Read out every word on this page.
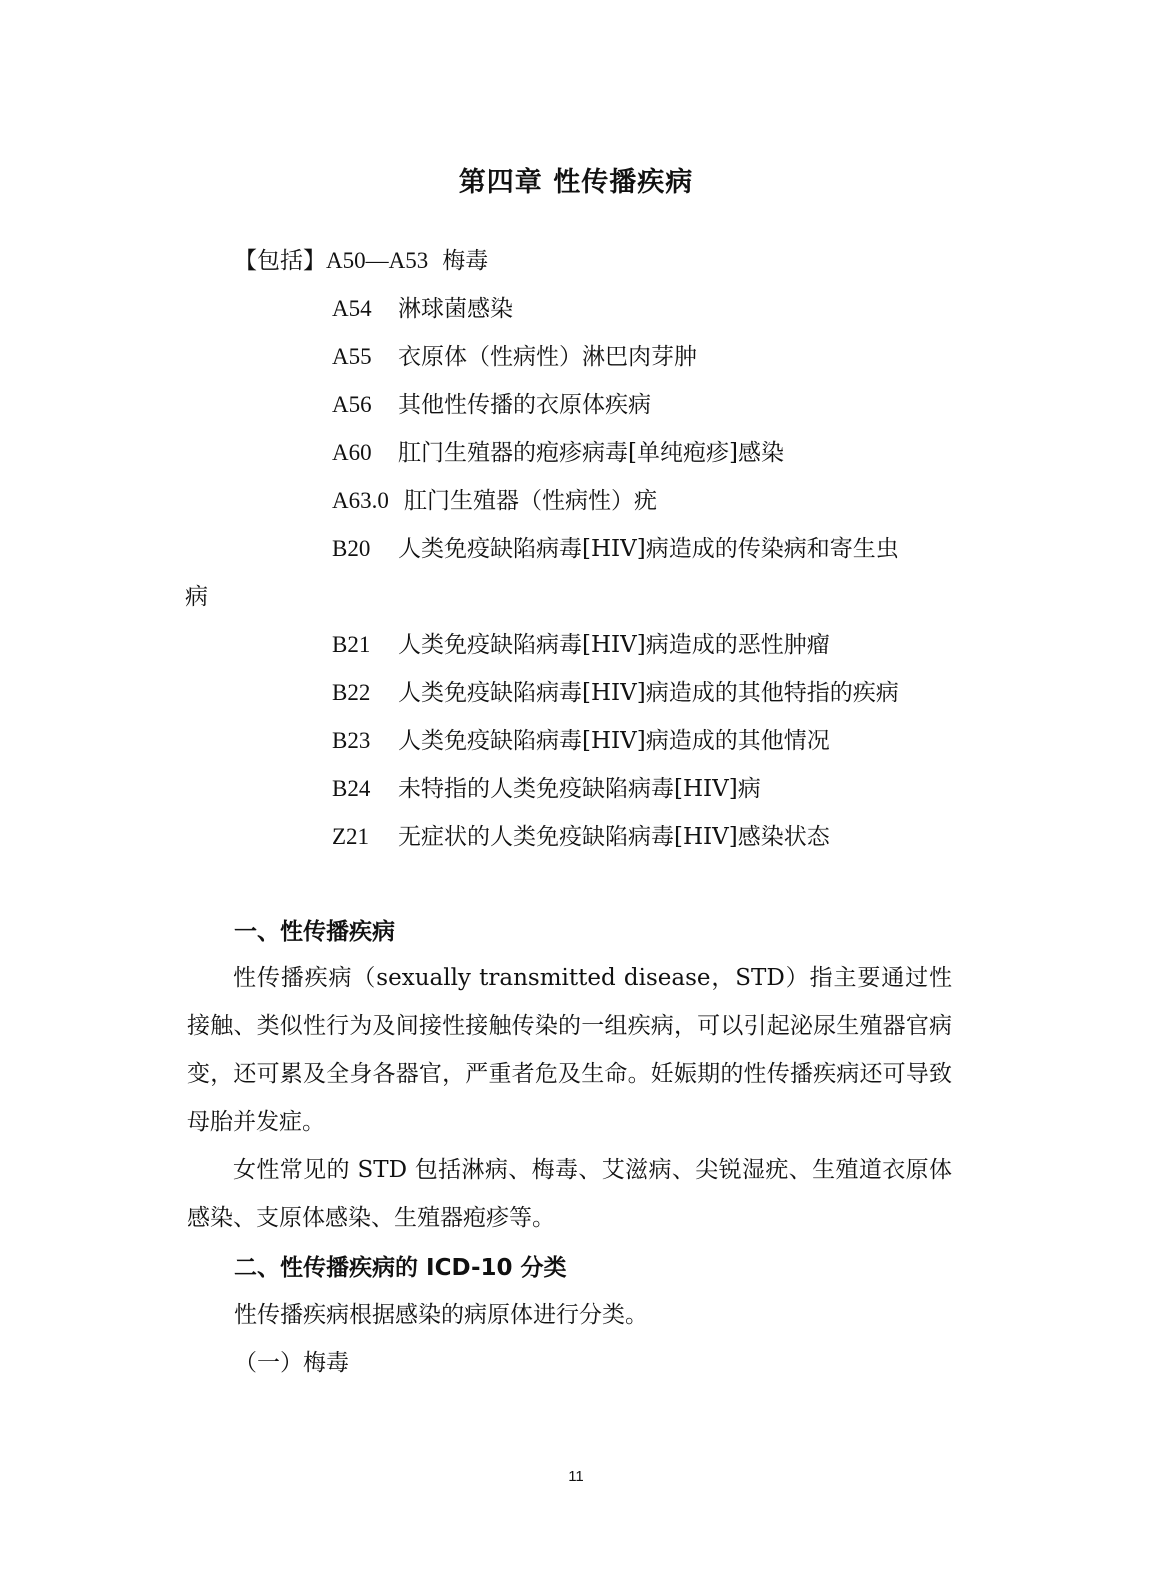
第四章 性传播疾病
【包括】A50—A53 梅毒
A54 淋球菌感染
A55 衣原体（性病性）淋巴肉芽肿
A56 其他性传播的衣原体疾病
A60 肛门生殖器的疱疹病毒[单纯疱疹]感染
A63.0 肛门生殖器（性病性）疣
B20 人类免疫缺陷病毒[HIV]病造成的传染病和寄生虫
病
B21 人类免疫缺陷病毒[HIV]病造成的恶性肿瘤
B22 人类免疫缺陷病毒[HIV]病造成的其他特指的疾病
B23 人类免疫缺陷病毒[HIV]病造成的其他情况
B24 未特指的人类免疫缺陷病毒[HIV]病
Z21 无症状的人类免疫缺陷病毒[HIV]感染状态
一、性传播疾病

性传播疾病（sexually transmitted disease，STD）指主要通过性接触、类似性行为及间接性接触传染的一组疾病，可以引起泌尿生殖器官病变，还可累及全身各器官，严重者危及生命。妊娠期的性传播疾病还可导致母胎并发症。

女性常见的 STD 包括淋病、梅毒、艾滋病、尖锐湿疣、生殖道衣原体感染、支原体感染、生殖器疱疹等。

二、性传播疾病的 ICD-10 分类
性传播疾病根据感染的病原体进行分类。
（一）梅毒
11
